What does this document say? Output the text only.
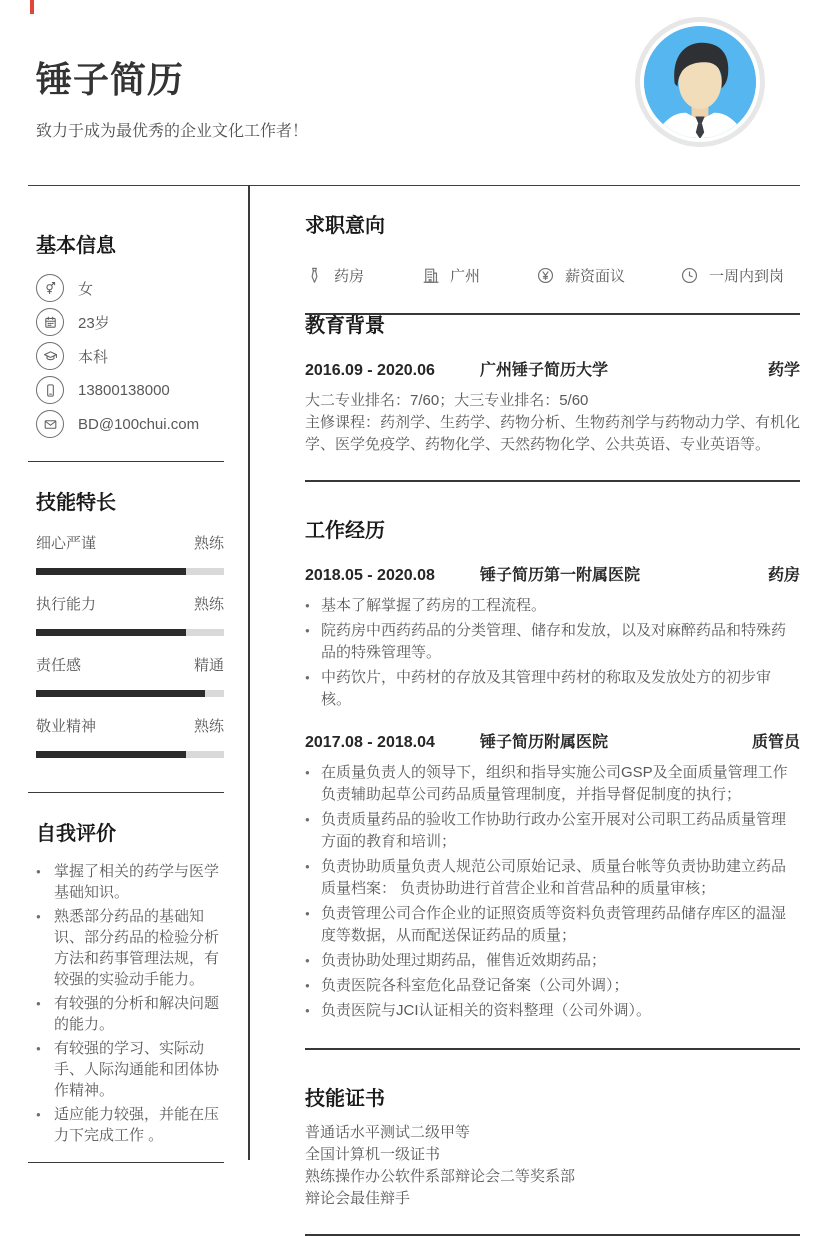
锤子简历
致力于成为最优秀的企业文化工作者！
基本信息
女
23岁
本科
13800138000
BD@100chui.com
技能特长
细心严谨	熟练
执行能力	熟练
责任感	精通
敬业精神	熟练
自我评价
● 掌握了相关的药学与医学基础知识。
● 熟悉部分药品的基础知识、部分药品的检验分析方法和药事管理法规，有较强的实验动手能力。
● 有较强的分析和解决问题的能力。
● 有较强的学习、实际动手、人际沟通能和团体协作精神。
● 适应能力较强，并能在压力下完成工作 。
求职意向
药房	广州	薪资面议	一周内到岗
教育背景
2016.09 - 2020.06	广州锤子简历大学	药学
大二专业排名：7/60；大三专业排名：5/60
主修课程：药剂学、生药学、药物分析、生物药剂学与药物动力学、有机化学、医学免疫学、药物化学、天然药物化学、公共英语、专业英语等。
工作经历
2018.05 - 2020.08	锤子简历第一附属医院	药房
● 基本了解掌握了药房的工程流程。
● 院药房中西药药品的分类管理、储存和发放，以及对麻醉药品和特殊药品的特殊管理等。
● 中药饮片，中药材的存放及其管理中药材的称取及发放处方的初步审核。
2017.08 - 2018.04	锤子简历附属医院	质管员
● 在质量负责人的领导下，组织和指导实施公司GSP及全面质量管理工作 负责辅助起草公司药品质量管理制度，并指导督促制度的执行；
● 负责质量药品的验收工作协助行政办公室开展对公司职工药品质量管理方面的教育和培训；
● 负责协助质量负责人规范公司原始记录、质量台帐等负责协助建立药品质量档案： 负责协助进行首营企业和首营品种的质量审核；
● 负责管理公司合作企业的证照资质等资料负责管理药品储存库区的温湿度等数据，从而配送保证药品的质量；
● 负责协助处理过期药品，催售近效期药品；
● 负责医院各科室危化品登记备案（公司外调）；
● 负责医院与JCI认证相关的资料整理（公司外调）。
技能证书
普通话水平测试二级甲等
全国计算机一级证书
熟练操作办公软件系部辩论会二等奖系部
辩论会最佳辩手
